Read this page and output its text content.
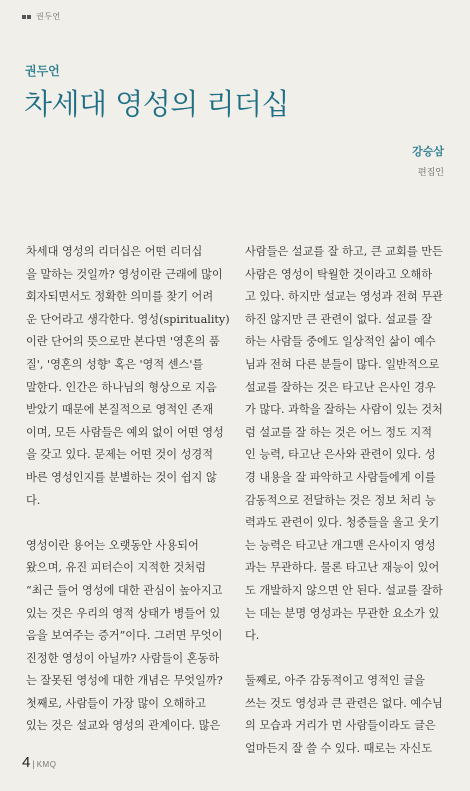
권두언
권두언
차세대 영성의 리더십
강승삼
편집인

차세대 영성의 리더십은 어떤 리더십
을 말하는 것일까? 영성이란 근래에 많이
회자되면서도 정확한 의미를 찾기 어려
운 단어라고 생각한다. 영성(spirituality)
이란 단어의 뜻으로만 본다면 '영혼의 품
질', '영혼의 성향' 혹은 '영적 센스'를
말한다. 인간은 하나님의 형상으로 지음
받았기 때문에 본질적으로 영적인 존재
이며, 모든 사람들은 예외 없이 어떤 영성
을 갖고 있다. 문제는 어떤 것이 성경적
바른 영성인지를 분별하는 것이 쉽지 않
다.

영성이란 용어는 오랫동안 사용되어
왔으며, 유진 피터슨이 지적한 것처럼
“최근 들어 영성에 대한 관심이 높아지고
있는 것은 우리의 영적 상태가 병들어 있
음을 보여주는 증거”이다. 그러면 무엇이
진정한 영성이 아닐까? 사람들이 혼동하
는 잘못된 영성에 대한 개념은 무엇일까?
첫째로, 사람들이 가장 많이 오해하고
있는 것은 설교와 영성의 관계이다. 많은

사람들은 설교를 잘 하고, 큰 교회를 만든
사람은 영성이 탁월한 것이라고 오해하
고 있다. 하지만 설교는 영성과 전혀 무관
하진 않지만 큰 관련이 없다. 설교를 잘
하는 사람들 중에도 일상적인 삶이 예수
님과 전혀 다른 분들이 많다. 일반적으로
설교를 잘하는 것은 타고난 은사인 경우
가 많다. 과학을 잘하는 사람이 있는 것처
럼 설교를 잘 하는 것은 어느 정도 지적
인 능력, 타고난 은사와 관련이 있다. 성
경 내용을 잘 파악하고 사람들에게 이를
감동적으로 전달하는 것은 정보 처리 능
력과도 관련이 있다. 청중들을 울고 웃기
는 능력은 타고난 개그맨 은사이지 영성
과는 무관하다. 물론 타고난 재능이 있어
도 개발하지 않으면 안 된다. 설교를 잘하
는 데는 분명 영성과는 무관한 요소가 있
다.

둘째로, 아주 감동적이고 영적인 글을
쓰는 것도 영성과 큰 관련은 없다. 예수님
의 모습과 거리가 먼 사람들이라도 글은
얼마든지 잘 쓸 수 있다. 때로는 자신도

4 | KMQ
